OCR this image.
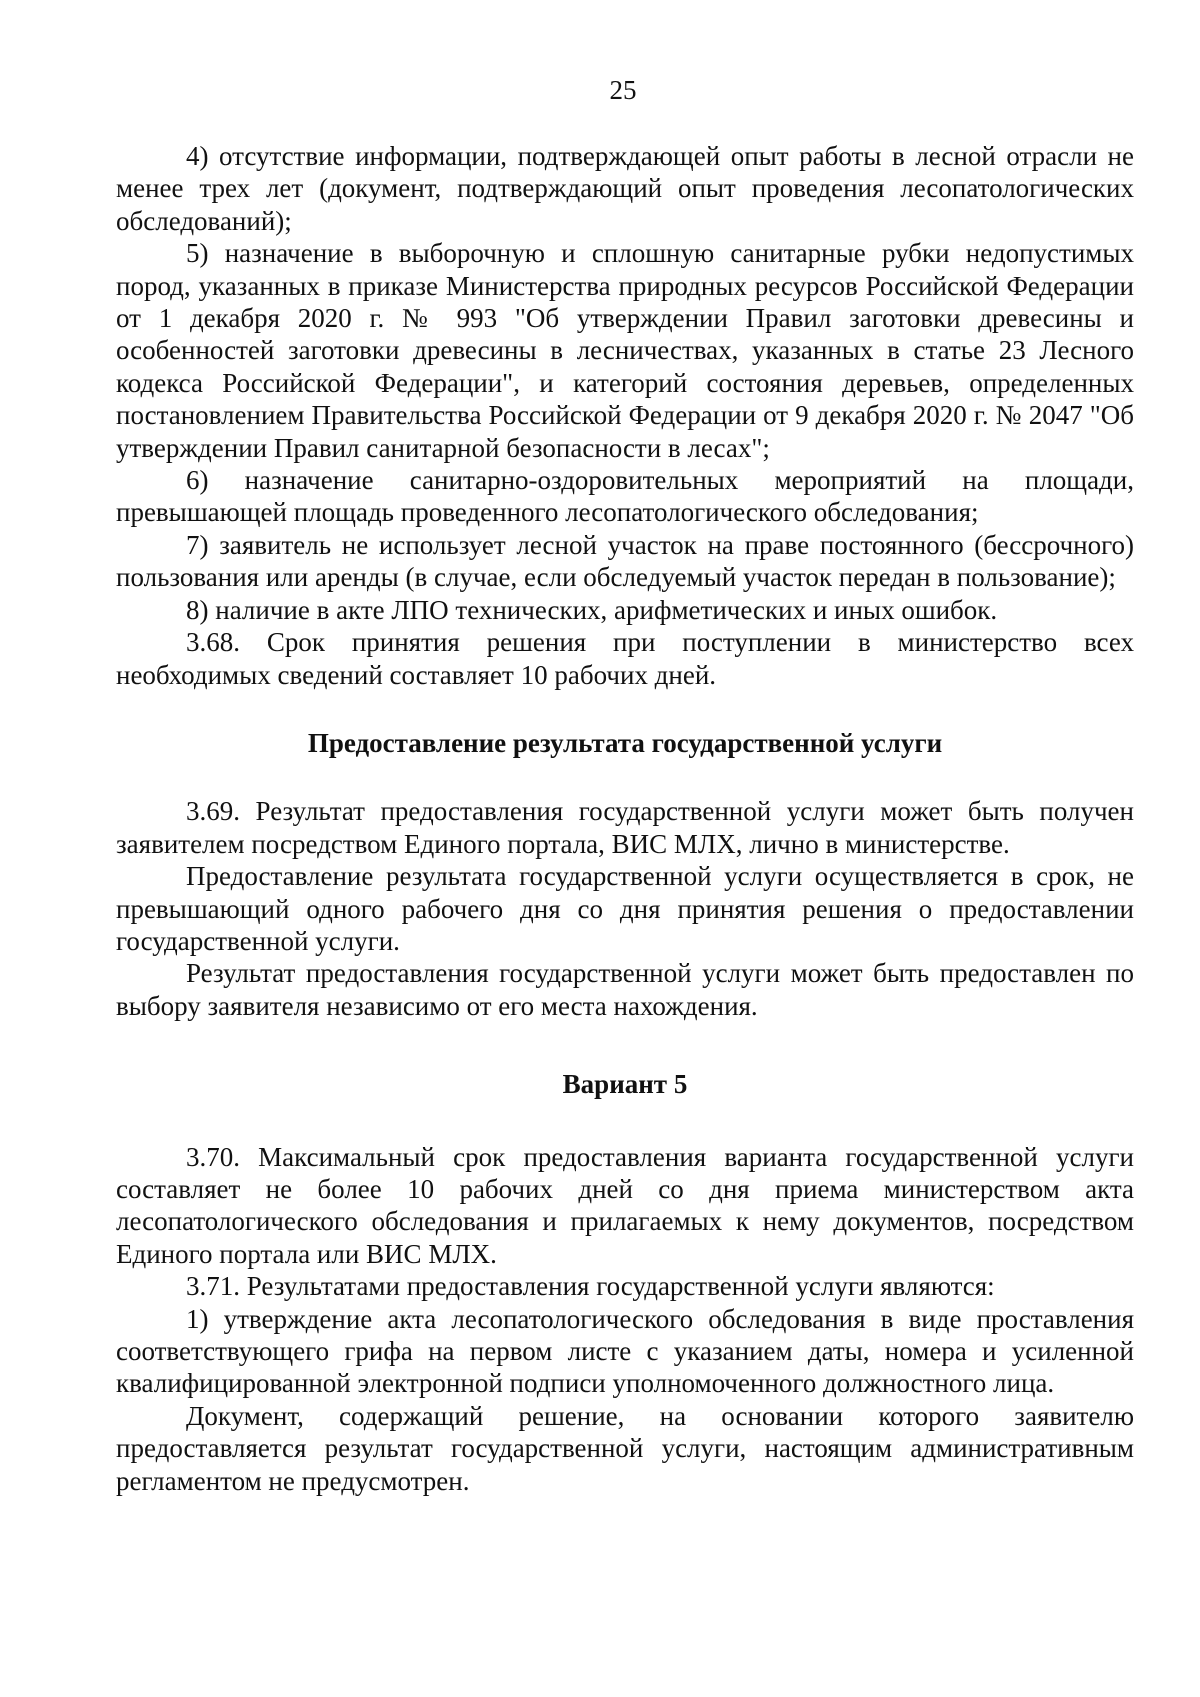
25

4) отсутствие информации, подтверждающей опыт работы в лесной отрасли не менее трех лет (документ, подтверждающий опыт проведения лесопатологических обследований);

5) назначение в выборочную и сплошную санитарные рубки недопустимых пород, указанных в приказе Министерства природных ресурсов Российской Федерации от 1 декабря 2020 г. № 993 "Об утверждении Правил заготовки древесины и особенностей заготовки древесины в лесничествах, указанных в статье 23 Лесного кодекса Российской Федерации", и категорий состояния деревьев, определенных постановлением Правительства Российской Федерации от 9 декабря 2020 г. № 2047 "Об утверждении Правил санитарной безопасности в лесах";

6) назначение санитарно-оздоровительных мероприятий на площади, превышающей площадь проведенного лесопатологического обследования;

7) заявитель не использует лесной участок на праве постоянного (бессрочного) пользования или аренды (в случае, если обследуемый участок передан в пользование);

8) наличие в акте ЛПО технических, арифметических и иных ошибок.

3.68. Срок принятия решения при поступлении в министерство всех необходимых сведений составляет 10 рабочих дней.

Предоставление результата государственной услуги

3.69. Результат предоставления государственной услуги может быть получен заявителем посредством Единого портала, ВИС МЛХ, лично в министерстве.

Предоставление результата государственной услуги осуществляется в срок, не превышающий одного рабочего дня со дня принятия решения о предоставлении государственной услуги.

Результат предоставления государственной услуги может быть предоставлен по выбору заявителя независимо от его места нахождения.

Вариант 5

3.70. Максимальный срок предоставления варианта государственной услуги составляет не более 10 рабочих дней со дня приема министерством акта лесопатологического обследования и прилагаемых к нему документов, посредством Единого портала или ВИС МЛХ.

3.71. Результатами предоставления государственной услуги являются:

1) утверждение акта лесопатологического обследования в виде проставления соответствующего грифа на первом листе с указанием даты, номера и усиленной квалифицированной электронной подписи уполномоченного должностного лица.

Документ, содержащий решение, на основании которого заявителю предоставляется результат государственной услуги, настоящим административным регламентом не предусмотрен.
